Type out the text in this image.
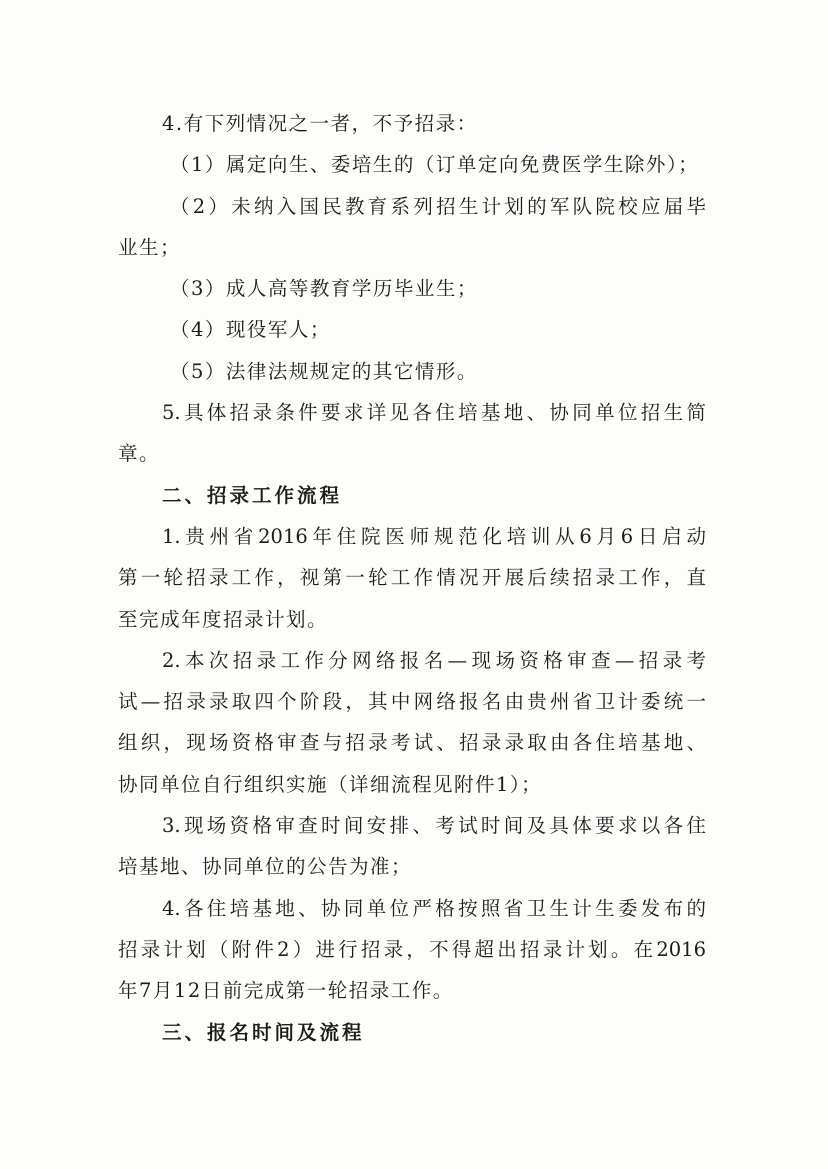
4.有下列情况之一者，不予招录：
（1）属定向生、委培生的（订单定向免费医学生除外）；
（2）未纳入国民教育系列招生计划的军队院校应届毕
业生；
（3）成人高等教育学历毕业生；
（4）现役军人；
（5）法律法规规定的其它情形。
5.具体招录条件要求详见各住培基地、协同单位招生简
章。
二、招录工作流程
1.贵州省2016年住院医师规范化培训从6月6日启动
第一轮招录工作，视第一轮工作情况开展后续招录工作，直
至完成年度招录计划。
2.本次招录工作分网络报名—现场资格审查—招录考
试—招录录取四个阶段，其中网络报名由贵州省卫计委统一
组织，现场资格审查与招录考试、招录录取由各住培基地、
协同单位自行组织实施（详细流程见附件1）；
3.现场资格审查时间安排、考试时间及具体要求以各住
培基地、协同单位的公告为准；
4.各住培基地、协同单位严格按照省卫生计生委发布的
招录计划（附件2）进行招录，不得超出招录计划。在2016
年7月12日前完成第一轮招录工作。
三、报名时间及流程
